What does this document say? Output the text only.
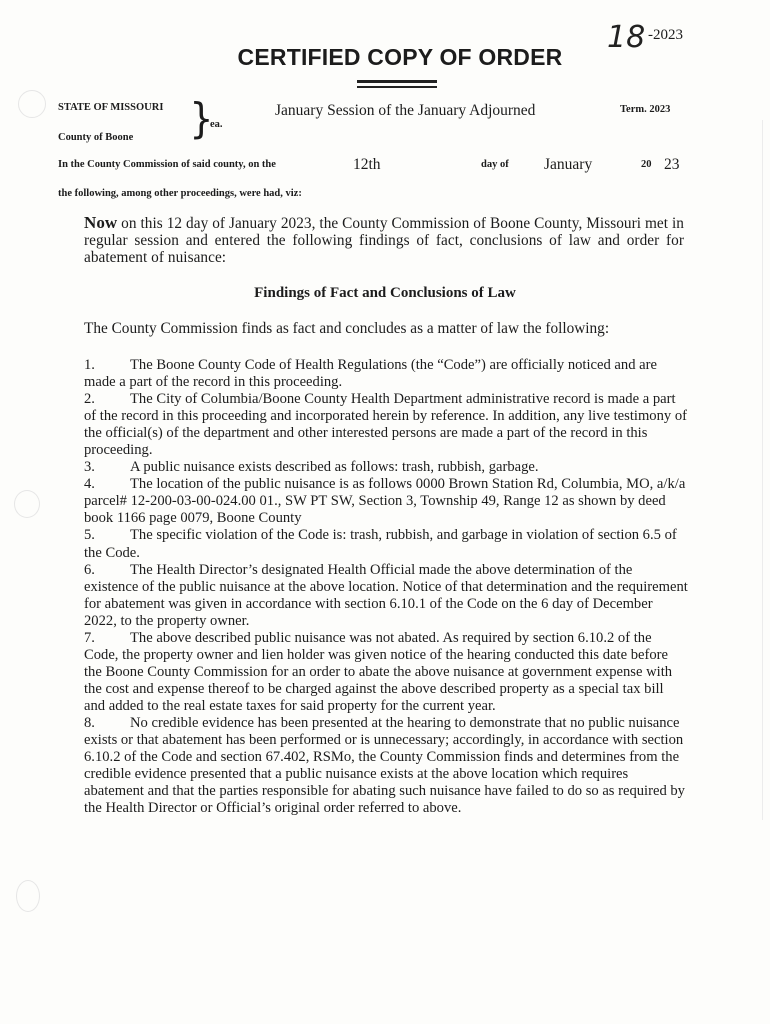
18 -2023
CERTIFIED COPY OF ORDER
STATE OF MISSOURI
County of Boone }
ea.
January Session of the January Adjourned	Term. 2023
In the County Commission of said county, on the	12th	day of January	20 23
the following, among other proceedings, were had, viz:
Now on this 12 day of January 2023, the County Commission of Boone County, Missouri met in regular session and entered the following findings of fact, conclusions of law and order for abatement of nuisance:
Findings of Fact and Conclusions of Law
The County Commission finds as fact and concludes as a matter of law the following:
1. The Boone County Code of Health Regulations (the “Code”) are officially noticed and are made a part of the record in this proceeding.
2. The City of Columbia/Boone County Health Department administrative record is made a part of the record in this proceeding and incorporated herein by reference. In addition, any live testimony of the official(s) of the department and other interested persons are made a part of the record in this proceeding.
3. A public nuisance exists described as follows: trash, rubbish, garbage.
4. The location of the public nuisance is as follows 0000 Brown Station Rd, Columbia, MO, a/k/a parcel# 12-200-03-00-024.00 01., SW PT SW, Section 3, Township 49, Range 12 as shown by deed book 1166 page 0079, Boone County
5. The specific violation of the Code is: trash, rubbish, and garbage in violation of section 6.5 of the Code.
6. The Health Director’s designated Health Official made the above determination of the existence of the public nuisance at the above location. Notice of that determination and the requirement for abatement was given in accordance with section 6.10.1 of the Code on the 6 day of December 2022, to the property owner.
7. The above described public nuisance was not abated. As required by section 6.10.2 of the Code, the property owner and lien holder was given notice of the hearing conducted this date before the Boone County Commission for an order to abate the above nuisance at government expense with the cost and expense thereof to be charged against the above described property as a special tax bill and added to the real estate taxes for said property for the current year.
8. No credible evidence has been presented at the hearing to demonstrate that no public nuisance exists or that abatement has been performed or is unnecessary; accordingly, in accordance with section 6.10.2 of the Code and section 67.402, RSMo, the County Commission finds and determines from the credible evidence presented that a public nuisance exists at the above location which requires abatement and that the parties responsible for abating such nuisance have failed to do so as required by the Health Director or Official’s original order referred to above.
